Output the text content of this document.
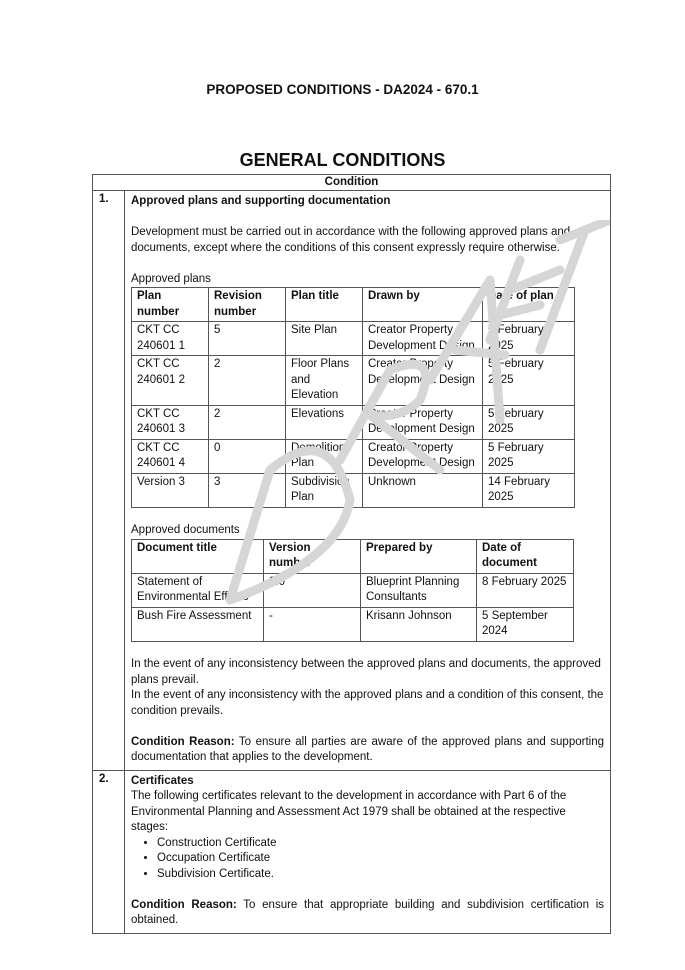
PROPOSED CONDITIONS - DA2024 - 670.1
GENERAL CONDITIONS
Condition
1.	Approved plans and supporting documentation

Development must be carried out in accordance with the following approved plans and documents, except where the conditions of this consent expressly require otherwise.

Approved plans

Plan number	Revision number	Plan title	Drawn by	Date of plan
CKT CC 240601 1	5	Site Plan	Creator Property Development Design	5 February 2025
CKT CC 240601 2	2	Floor Plans and Elevation	Creator Property Development Design	5 February 2025
CKT CC 240601 3	2	Elevations	Creator Property Development Design	5 February 2025
CKT CC 240601 4	0	Demolition Plan	Creator Property Development Design	5 February 2025
Version 3	3	Subdivision Plan	Unknown	14 February 2025

Approved documents

Document title	Version number	Prepared by	Date of document
Statement of Environmental Effects	2.0	Blueprint Planning Consultants	8 February 2025
Bush Fire Assessment	-	Krisann Johnson	5 September 2024

In the event of any inconsistency between the approved plans and documents, the approved plans prevail.

In the event of any inconsistency with the approved plans and a condition of this consent, the condition prevails.

Condition Reason: To ensure all parties are aware of the approved plans and supporting documentation that applies to the development.

2.	Certificates

The following certificates relevant to the development in accordance with Part 6 of the Environmental Planning and Assessment Act 1979 shall be obtained at the respective stages:

• Construction Certificate
• Occupation Certificate
• Subdivision Certificate.

Condition Reason: To ensure that appropriate building and subdivision certification is obtained.
